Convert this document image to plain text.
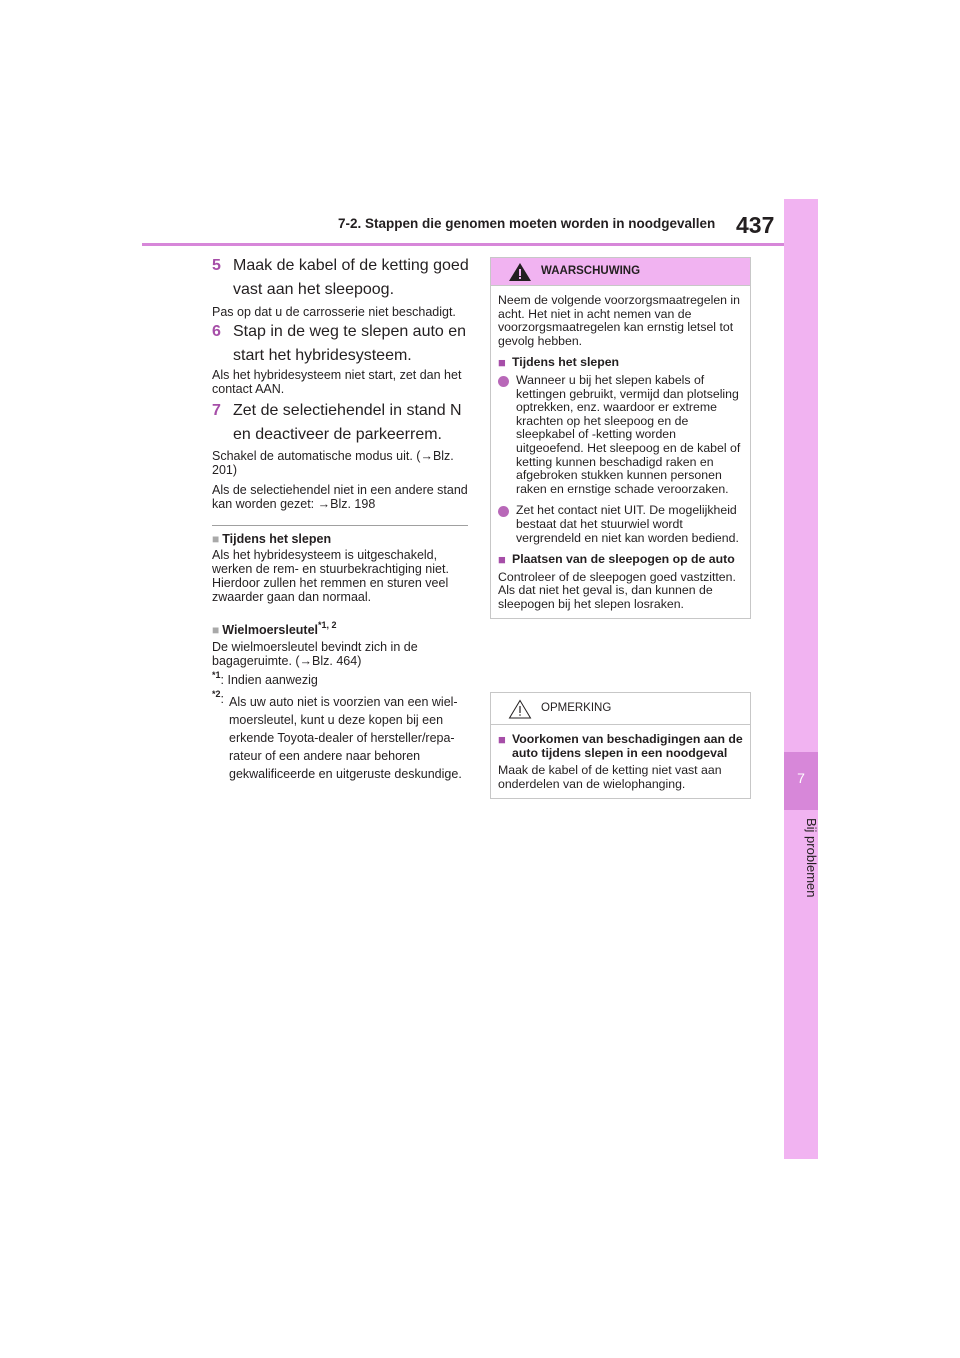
7-2. Stappen die genomen moeten worden in noodgevallen 437
7
Bij problemen
5 Maak de kabel of de ketting goed vast aan het sleepoog.
Pas op dat u de carrosserie niet beschadigt.
6 Stap in de weg te slepen auto en start het hybridesysteem.
Als het hybridesysteem niet start, zet dan het contact AAN.
7 Zet de selectiehendel in stand N en deactiveer de parkeerrem.
Schakel de automatische modus uit. (→Blz. 201)
Als de selectiehendel niet in een andere stand kan worden gezet: →Blz. 198
■ Tijdens het slepen
Als het hybridesysteem is uitgeschakeld, werken de rem- en stuurbekrachtiging niet. Hierdoor zullen het remmen en sturen veel zwaarder gaan dan normaal.
■ Wielmoersleutel$^{*1, 2}$
De wielmoersleutel bevindt zich in de bagageruimte. (→Blz. 464)
$^{*1}$: Indien aanwezig
$^{*2}$: Als uw auto niet is voorzien van een wiel-
moersleutel, kunt u deze kopen bij een
erkende Toyota-dealer of hersteller/repa-
rateur of een andere naar behoren
gekwalificeerde en uitgeruste deskundige.
WAARSCHUWING

Neem de volgende voorzorgsmaatregelen in acht. Het niet in acht nemen van de voorzorgsmaatregelen kan ernstig letsel tot gevolg hebben.

■ Tijdens het slepen

Wanneer u bij het slepen kabels of kettingen gebruikt, vermijd dan plotseling optrekken, enz. waardoor er extreme krachten op het sleepoog en de sleepkabel of -ketting worden uitgeoefend. Het sleepoog en de kabel of ketting kunnen beschadigd raken en afgebroken stukken kunnen personen raken en ernstige schade veroorzaken.

Zet het contact niet UIT. De mogelijkheid bestaat dat het stuurwiel wordt vergrendeld en niet kan worden bediend.

■ Plaatsen van de sleepogen op de auto

Controleer of de sleepogen goed vastzitten. Als dat niet het geval is, dan kunnen de sleepogen bij het slepen losraken.

OPMERKING

■ Voorkomen van beschadigingen aan de auto tijdens slepen in een noodgeval

Maak de kabel of de ketting niet vast aan onderdelen van de wielophanging.
